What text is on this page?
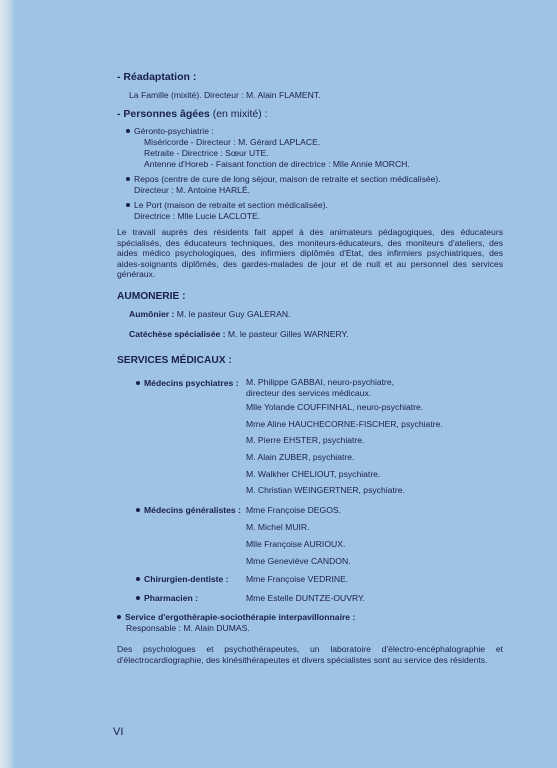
- Réadaptation :
La Famille (mixité). Directeur : M. Alain FLAMENT.
- Personnes âgées (en mixité) :
Géronto-psychiatrie :
Miséricorde - Directeur : M. Gérard LAPLACE.
Retraite - Directrice : Sœur UTE.
Antenne d'Horeb - Faisant fonction de directrice : Mlle Annie MORCH.
Repos (centre de cure de long séjour, maison de retraite et section médicalisée).
Directeur : M. Antoine HARLÉ.
Le Port (maison de retraite et section médicalisée).
Directrice : Mlle Lucie LACLOTE.
Le travail auprès des résidents fait appel à des animateurs pédagogiques, des éducateurs spécialisés, des éducateurs techniques, des moniteurs-éducateurs, des moniteurs d'ateliers, des aides médico psychologiques, des infirmiers diplômés d'Etat, des infirmiers psychiatriques, des aides-soignants diplômés, des gardes-malades de jour et de nuit et au personnel des services généraux.
AUMONERIE :
Aumônier : M. le pasteur Guy GALERAN.
Catéchèse spécialisée : M. le pasteur Gilles WARNERY.
SERVICES MÉDICAUX :
Médecins psychiatres : M. Philippe GABBAI, neuro-psychiatre,
directeur des services médicaux.
Mlle Yolande COUFFINHAL, neuro-psychiatre.
Mme Aline HAUCHECORNE-FISCHER, psychiatre.
M. Pierre EHSTER, psychiatre.
M. Alain ZUBER, psychiatre.
M. Walkher CHELIOUT, psychiatre.
M. Christian WEINGERTNER, psychiatre.
Médecins généralistes : Mme Françoise DEGOS.
M. Michel MUIR.
Mlle Françoise AURIOUX.
Mme Geneviève CANDON.
Chirurgien-dentiste : Mme Françoise VEDRINE.
Pharmacien :	Mme Estelle DUNTZE-OUVRY.
Service d'ergothérapie-sociothérapie interpavillonnaire :
Responsable : M. Alain DUMAS.
Des psychologues et psychothérapeutes, un laboratoire d'électro-encéphalographie et d'électrocardiographie, des kinésithérapeutes et divers spécialistes sont au service des résidents.
VI
